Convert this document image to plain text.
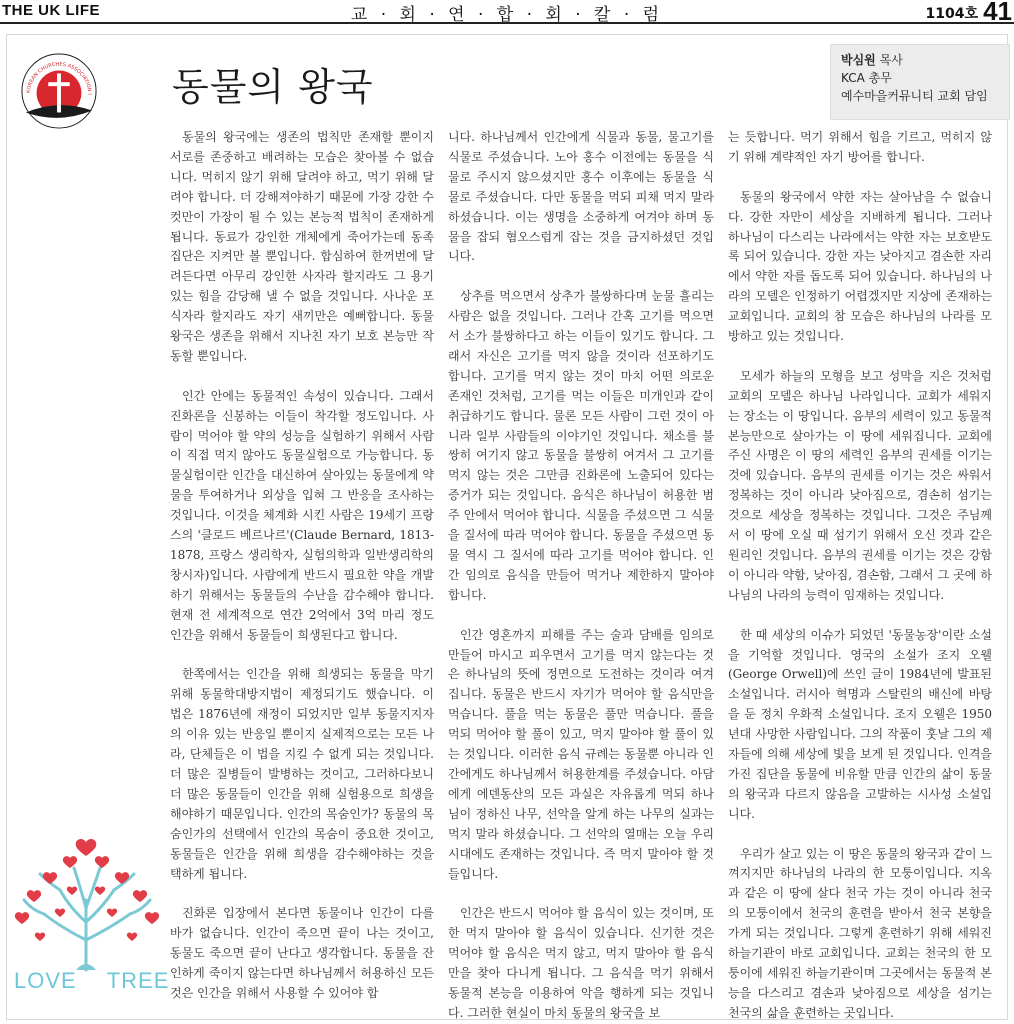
THE UK LIFE	교 · 회 · 연 · 합 · 회 · 칼 · 럼	1104호 41
KOREAN CHURCHES ASSOCIATION I 동물의 왕국
박심원 목사
KCA 총무
예수마을커뮤니티 교회 담임

동물의 왕국에는 생존의 법칙만 존재할 뿐이지 서로를 존중하고 배려하는 모습은 찾아볼 수 없습니다. 먹히지 않기 위해 달려야 하고, 먹기 위해 달려야 합니다. 더 강해져야하기 때문에 가장 강한 수컷만이 가장이 될 수 있는 본능적 법칙이 존재하게 됩니다. 동료가 강인한 개체에게 죽어가는데 동족 집단은 지켜만 볼 뿐입니다. 합심하여 한꺼번에 달려든다면 아무리 강인한 사자라 할지라도 그 용기 있는 힘을 감당해 낼 수 없을 것입니다. 사나운 포식자라 할지라도 자기 새끼만은 예뻐합니다. 동물왕국은 생존을 위해서 지나친 자기 보호 본능만 작동할 뿐입니다.

인간 안에는 동물적인 속성이 있습니다. 그래서 진화론을 신봉하는 이들이 착각할 정도입니다. 사람이 먹어야 할 약의 성능을 실험하기 위해서 사람이 직접 먹지 않아도 동물실험으로 가능합니다. 동물실험이란 인간을 대신하여 살아있는 동물에게 약물을 투여하거나 외상을 입혀 그 반응을 조사하는 것입니다. 이것을 체계화 시킨 사람은 19세기 프랑스의 '클로드 베르나르'(Claude Bernard, 1813-1878, 프랑스 생리학자, 실험의학과 일반생리학의 창시자)입니다. 사람에게 반드시 필요한 약을 개발하기 위해서는 동물들의 수난을 감수해야 합니다. 현재 전 세계적으로 연간 2억에서 3억 마리 정도 인간을 위해서 동물들이 희생된다고 합니다.

한쪽에서는 인간을 위해 희생되는 동물을 막기 위해 동물학대방지법이 제정되기도 했습니다. 이 법은 1876년에 재정이 되었지만 일부 동물지지자의 이유 있는 반응일 뿐이지 실제적으로는 모든 나라, 단체들은 이 법을 지킬 수 없게 되는 것입니다. 더 많은 질병들이 발병하는 것이고, 그러하다보니 더 많은 동물들이 인간을 위해 실험용으로 희생을 해야하기 때문입니다. 인간의 목숨인가? 동물의 목숨인가의 선택에서 인간의 목숨이 중요한 것이고, 동물들은 인간을 위해 희생을 감수해야하는 것을 택하게 됩니다.

진화론 입장에서 본다면 동물이나 인간이 다를 바가 없습니다. 인간이 죽으면 끝이 나는 것이고, 동물도 죽으면 끝이 난다고 생각합니다. 동물을 잔인하게 죽이지 않는다면 하나님께서 허용하신 모든 것은 인간을 위해서 사용할 수 있어야 합

니다. 하나님께서 인간에게 식물과 동물, 물고기를 식물로 주셨습니다. 노아 홍수 이전에는 동물을 식물로 주시지 않으셨지만 홍수 이후에는 동물을 식물로 주셨습니다. 다만 동물을 먹되 피채 먹지 말라 하셨습니다. 이는 생명을 소중하게 여겨야 하며 동물을 잡되 혐오스럽게 잡는 것을 금지하셨던 것입니다.

상추를 먹으면서 상추가 불쌍하다며 눈물 흘리는 사람은 없을 것입니다. 그러나 간혹 고기를 먹으면서 소가 불쌍하다고 하는 이들이 있기도 합니다. 그래서 자신은 고기를 먹지 않을 것이라 선포하기도 합니다. 고기를 먹지 않는 것이 마치 어떤 의로운 존재인 것처럼, 고기를 먹는 이들은 미개인과 같이 취급하기도 합니다. 물론 모든 사람이 그런 것이 아니라 일부 사람들의 이야기인 것입니다. 채소를 불쌍히 여기지 않고 동물을 불쌍히 여겨서 그 고기를 먹지 않는 것은 그만큼 진화론에 노출되어 있다는 증거가 되는 것입니다. 음식은 하나님이 허용한 범주 안에서 먹어야 합니다. 식물을 주셨으면 그 식물을 질서에 따라 먹어야 합니다. 동물을 주셨으면 동물 역시 그 질서에 따라 고기를 먹어야 합니다. 인간 임의로 음식을 만들어 먹거나 제한하지 말아야 합니다.

인간 영혼까지 피해를 주는 술과 담배를 임의로 만들어 마시고 피우면서 고기를 먹지 않는다는 것은 하나님의 뜻에 정면으로 도전하는 것이라 여겨집니다. 동물은 반드시 자기가 먹어야 할 음식만을 먹습니다. 풀을 먹는 동물은 풀만 먹습니다. 풀을 먹되 먹어야 할 풀이 있고, 먹지 말아야 할 풀이 있는 것입니다. 이러한 음식 규례는 동물뿐 아니라 인간에게도 하나님께서 허용한계를 주셨습니다. 아담에게 에덴동산의 모든 과실은 자유롭게 먹되 하나님이 정하신 나무, 선악을 알게 하는 나무의 실과는 먹지 말라 하셨습니다. 그 선악의 열매는 오늘 우리 시대에도 존재하는 것입니다. 즉 먹지 말아야 할 것들입니다.

인간은 반드시 먹어야 할 음식이 있는 것이며, 또한 먹지 말아야 할 음식이 있습니다. 신기한 것은 먹어야 할 음식은 먹지 않고, 먹지 말아야 할 음식만을 찾아 다니게 됩니다. 그 음식을 먹기 위해서 동물적 본능을 이용하여 악을 행하게 되는 것입니다. 그러한 현실이 마치 동물의 왕국을 보

는 듯합니다. 먹기 위해서 힘을 기르고, 먹히지 않기 위해 계략적인 자기 방어를 합니다.

동물의 왕국에서 약한 자는 살아남을 수 없습니다. 강한 자만이 세상을 지배하게 됩니다. 그러나 하나님이 다스리는 나라에서는 약한 자는 보호받도록 되어 있습니다. 강한 자는 낮아지고 겸손한 자리에서 약한 자를 돕도록 되어 있습니다. 하나님의 나라의 모델은 인정하기 어렵겠지만 지상에 존재하는 교회입니다. 교회의 참 모습은 하나님의 나라를 모방하고 있는 것입니다.

모세가 하늘의 모형을 보고 성막을 지은 것처럼 교회의 모델은 하나님 나라입니다. 교회가 세워지는 장소는 이 땅입니다. 음부의 세력이 있고 동물적 본능만으로 살아가는 이 땅에 세워집니다. 교회에 주신 사명은 이 땅의 세력인 음부의 권세를 이기는 것에 있습니다. 음부의 권세를 이기는 것은 싸워서 정복하는 것이 아니라 낮아짐으로, 겸손히 섬기는 것으로 세상을 정복하는 것입니다. 그것은 주님께서 이 땅에 오실 때 섬기기 위해서 오신 것과 같은 원리인 것입니다. 음부의 권세를 이기는 것은 강함이 아니라 약함, 낮아짐, 겸손함, 그래서 그 곳에 하나님의 나라의 능력이 임재하는 것입니다.

한 때 세상의 이슈가 되었던 '동물농장'이란 소설을 기억할 것입니다. 영국의 소설가 조지 오웰(George Orwell)에 쓰인 글이 1984년에 발표된 소설입니다. 러시아 혁명과 스탈린의 배신에 바탕을 둔 정치 우화적 소설입니다. 조지 오웰은 1950년대 사망한 사람입니다. 그의 작품이 훗날 그의 제자들에 의해 세상에 빛을 보게 된 것입니다. 인격을 가진 집단을 동물에 비유할 만큼 인간의 삶이 동물의 왕국과 다르지 않음을 고발하는 시사성 소설입니다.

우리가 살고 있는 이 땅은 동물의 왕국과 같이 느껴지지만 하나님의 나라의 한 모퉁이입니다. 지옥과 같은 이 땅에 살다 천국 가는 것이 아니라 천국의 모퉁이에서 천국의 훈련을 받아서 천국 본향을 가게 되는 것입니다. 그렇게 훈련하기 위해 세워진 하늘기관이 바로 교회입니다. 교회는 천국의 한 모퉁이에 세워진 하늘기관이며 그곳에서는 동물적 본능을 다스리고 겸손과 낮아짐으로 세상을 섬기는 천국의 삶을 훈련하는 곳입니다.

LOVE TREE
